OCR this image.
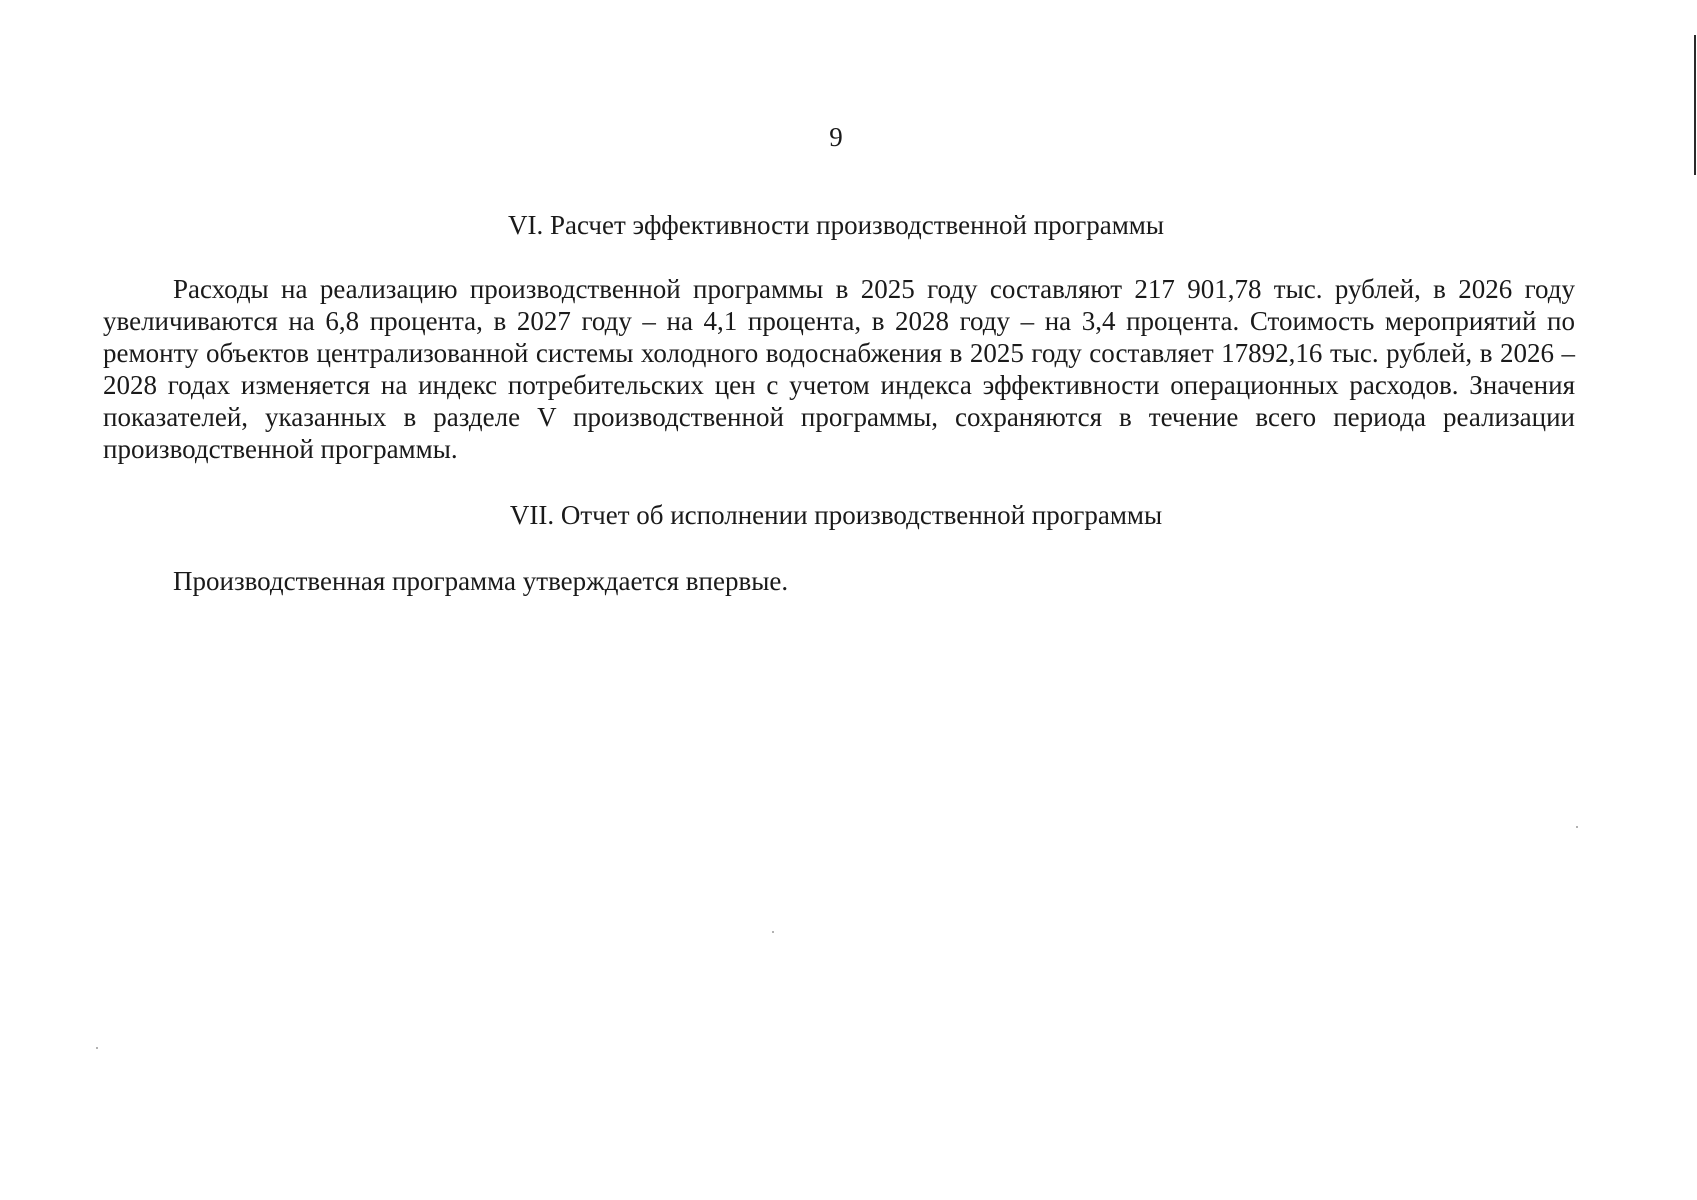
9
VI. Расчет эффективности производственной программы

Расходы на реализацию производственной программы в 2025 году составляют 217 901,78 тыс. рублей, в 2026 году увеличиваются на 6,8 процента, в 2027 году – на 4,1 процента, в 2028 году – на 3,4 процента. Стоимость мероприятий по ремонту объектов централизованной системы холодного водоснабжения в 2025 году составляет 17892,16 тыс. рублей, в 2026 – 2028 годах изменяется на индекс потребительских цен с учетом индекса эффективности операционных расходов. Значения показателей, указанных в разделе V производственной программы, сохраняются в течение всего периода реализации производственной программы.

VII. Отчет об исполнении производственной программы

Производственная программа утверждается впервые.
